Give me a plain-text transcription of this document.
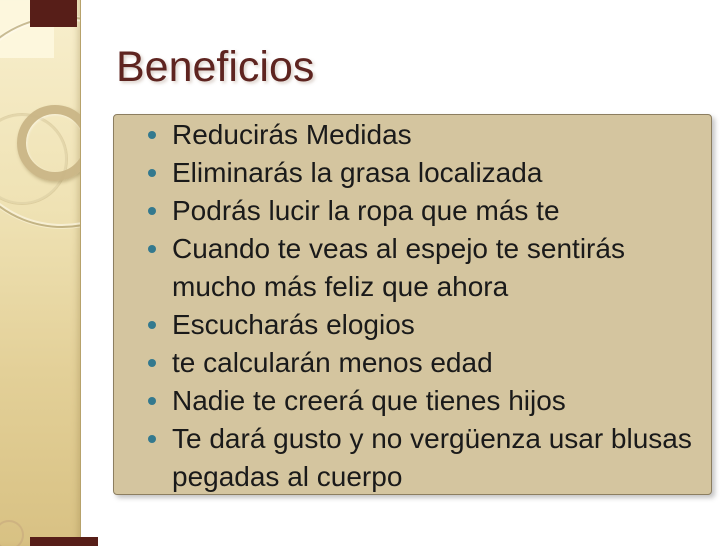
Beneficios
Reducirás Medidas
Eliminarás la grasa localizada
Podrás lucir la ropa que más te
Cuando te veas al espejo te sentirás mucho más feliz que ahora
Escucharás elogios
te calcularán menos edad
Nadie te creerá que tienes hijos
Te dará gusto y no vergüenza usar blusas pegadas al cuerpo
